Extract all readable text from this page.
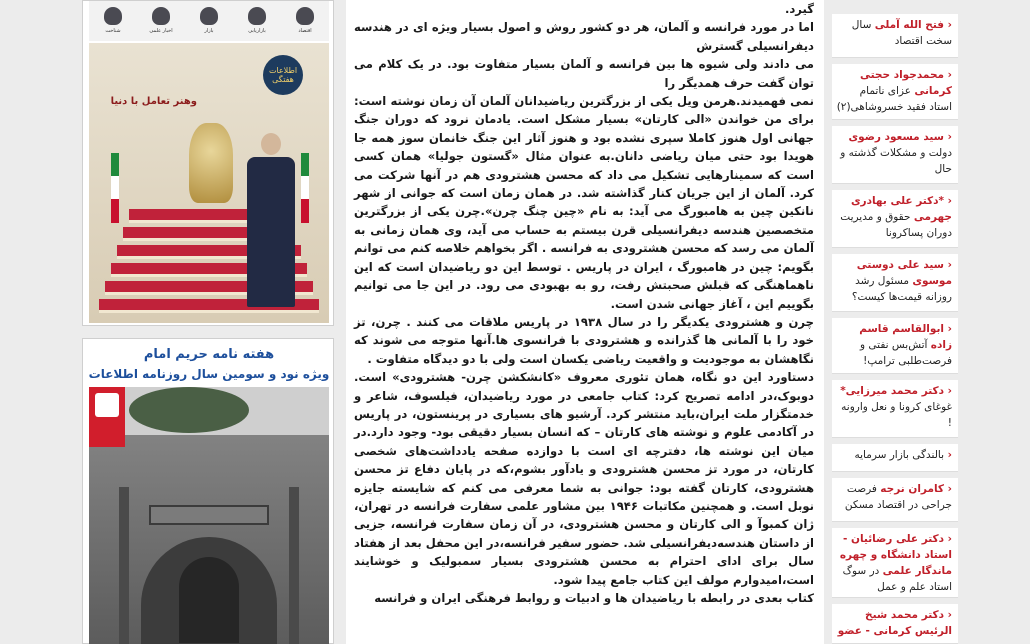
شناخت	اخبار علمی	بازار	بازاریابی	اقتصاد
اطلاعات هفتگی
وهنر تعامل با دنیا
هفته نامه حریم امام
ویژه نود و سومین سال روزنامه اطلاعات
گیرد.
اما در مورد فرانسه و آلمان، هر دو کشور روش و اصول بسیار ویژه ای در هندسه دیفرانسیلی گسترش
می دادند ولی شیوه ها بین فرانسه و آلمان بسیار متفاوت بود. در یک کلام می توان گفت حرف همدیگر را
نمی فهمیدند.هرمن ویل یکی از بزرگترین ریاضیدانان آلمان آن زمان نوشته است: برای من خواندن «الی کارتان» بسیار مشکل است. یادمان نرود که دوران جنگ جهانی اول هنوز کاملا سپری نشده بود و هنوز آثار این جنگ خانمان سوز همه جا هویدا بود حتی میان ریاضی دانان.به عنوان مثال «گستون جولیا» همان کسی است که سمینارهایی تشکیل می داد که محسن هشترودی هم در آنها شرکت می کرد. آلمان از این جریان کنار گذاشته شد. در همان زمان است که جوانی از شهر نانکین چین به هامبورگ می آید: به نام «چین چنگ چرن».چرن یکی از بزرگترین متخصصین هندسه دیفرانسیلی قرن بیستم به حساب می آید، وی همان زمانی به آلمان می رسد که محسن هشترودی به فرانسه . اگر بخواهم خلاصه کنم می توانم بگویم: چین در هامبورگ ، ایران در پاریس . توسط این دو ریاضیدان است که این ناهماهنگی که قبلش صحبتش رفت، رو به بهبودی می رود. در این جا می توانیم بگوییم این ، آغاز جهانی شدن است.
چرن و هشترودی یکدیگر را در سال ۱۹۳۸ در پاریس ملاقات می کنند . چرن، تز خود را با آلمانی ها گذرانده و هشترودی با فرانسوی ها.آنها متوجه می شوند که نگاهشان به موجودیت و واقعیت ریاضی یکسان است ولی با دو دیدگاه متفاوت .
دستاورد این دو نگاه، همان تئوری معروف «کانشکشن چرن- هشترودی» است. دوبوک،در ادامه تصریح کرد: کتاب جامعی در مورد ریاضیدان، فیلسوف، شاعر و خدمتگزار ملت ایران،باید منتشر کرد. آرشیو های بسیاری در پرینستون، در پاریس در آکادمی علوم و نوشته های کارتان – که انسان بسیار دقیقی بود- وجود دارد.در میان این نوشته ها، دفترچه ای است با دوازده صفحه یادداشت‌های شخصی کارتان، در مورد تز محسن هشترودی و یادآور بشوم،که در پایان دفاع تز محسن هشترودی، کارتان گفته بود: جوانی به شما معرفی می کنم که شایسته جایزه نوبل است. و همچنین مکاتبات ۱۹۴۶ بین مشاور علمی سفارت فرانسه در تهران، ژان کمبوآ و الی کارتان و محسن هشترودی، در آن زمان سفارت فرانسه، جزیی از داستان هندسه‌دیفرانسیلی شد. حضور سفیر فرانسه،در این محفل بعد از هفتاد سال برای ادای احترام به محسن هشترودی بسیار سمبولیک و خوشایند است،امیدوارم مولف این کتاب جامع پیدا شود.
کتاب بعدی در رابطه با ریاضیدان ها و ادبیات و روابط فرهنگی ایران و فرانسه
‹ فتح الله آملی سال سخت اقتصاد
‹ محمدجواد حجتی کرمانی عزای ناتمام استاد فقید خسروشاهی(۲)
‹ سید مسعود رضوی دولت و مشکلات گذشته و حال
‹ *دکتر علی بهادری جهرمی حقوق و مدیریت دوران پساکرونا
‹ سید علی دوستی موسوی مسئول رشد روزانه قیمت‌ها کیست؟
‹ ابوالقاسم قاسم زاده آتش‌بس نفتی و فرصت‌طلبی ترامپ!
‹ دکتر محمد میرزایی* غوغای کرونا و نعل وارونه !
‹ بالندگی بازار سرمایه
‹ کامران نرجه فرصت جراحی در اقتصاد مسکن
‹ دکتر علی رضائیان - استاد دانشگاه و چهره ماندگار علمی در سوگ استاد علم و عمل
‹ دکتر محمد شیخ الرئیس کرمانی - عضو
